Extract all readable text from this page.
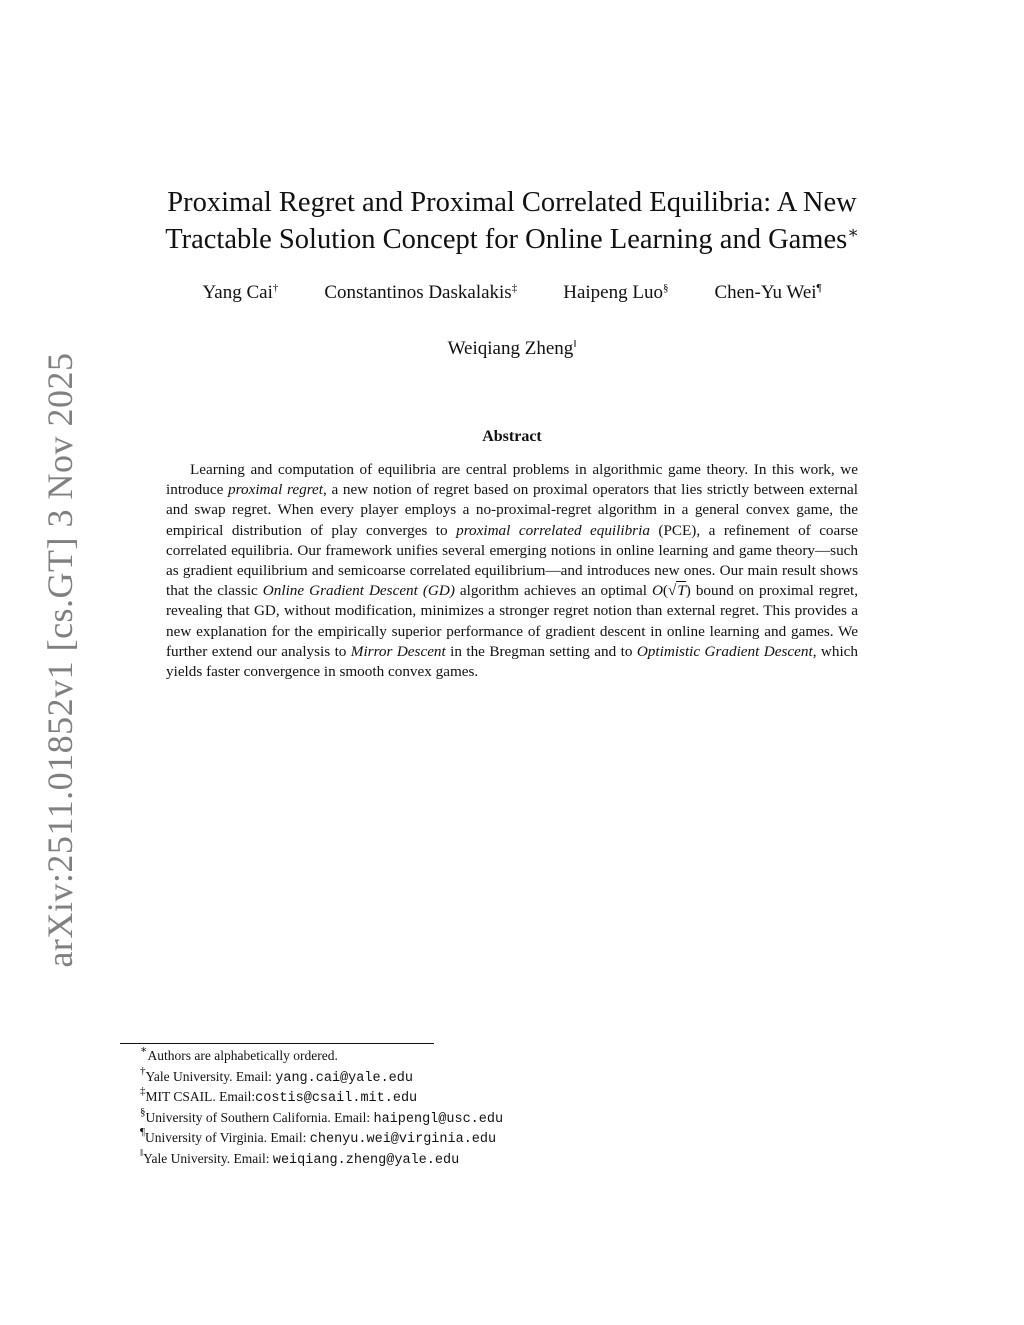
arXiv:2511.01852v1 [cs.GT] 3 Nov 2025
Proximal Regret and Proximal Correlated Equilibria: A New
Tractable Solution Concept for Online Learning and Games∗
Yang Cai† Constantinos Daskalakis‡ Haipeng Luo§ Chen-Yu Wei¶
Weiqiang Zheng‖
Abstract

Learning and computation of equilibria are central problems in algorithmic game theory. In this work, we introduce proximal regret, a new notion of regret based on proximal operators that lies strictly between external and swap regret. When every player employs a no-proximal-regret algorithm in a general convex game, the empirical distribution of play converges to proximal correlated equilibria (PCE), a refinement of coarse correlated equilibria. Our framework unifies several emerging notions in online learning and game theory—such as gradient equilibrium and semicoarse correlated equilibrium—and introduces new ones. Our main result shows that the classic Online Gradient Descent (GD) algorithm achieves an optimal O(√T) bound on proximal regret, revealing that GD, without modification, minimizes a stronger regret notion than external regret. This provides a new explanation for the empirically superior performance of gradient descent in online learning and games. We further extend our analysis to Mirror Descent in the Bregman setting and to Optimistic Gradient Descent, which yields faster convergence in smooth convex games.

∗Authors are alphabetically ordered.
†Yale University. Email: yang.cai@yale.edu
‡MIT CSAIL. Email:costis@csail.mit.edu
§University of Southern California. Email: haipengl@usc.edu
¶University of Virginia. Email: chenyu.wei@virginia.edu
‖Yale University. Email: weiqiang.zheng@yale.edu
